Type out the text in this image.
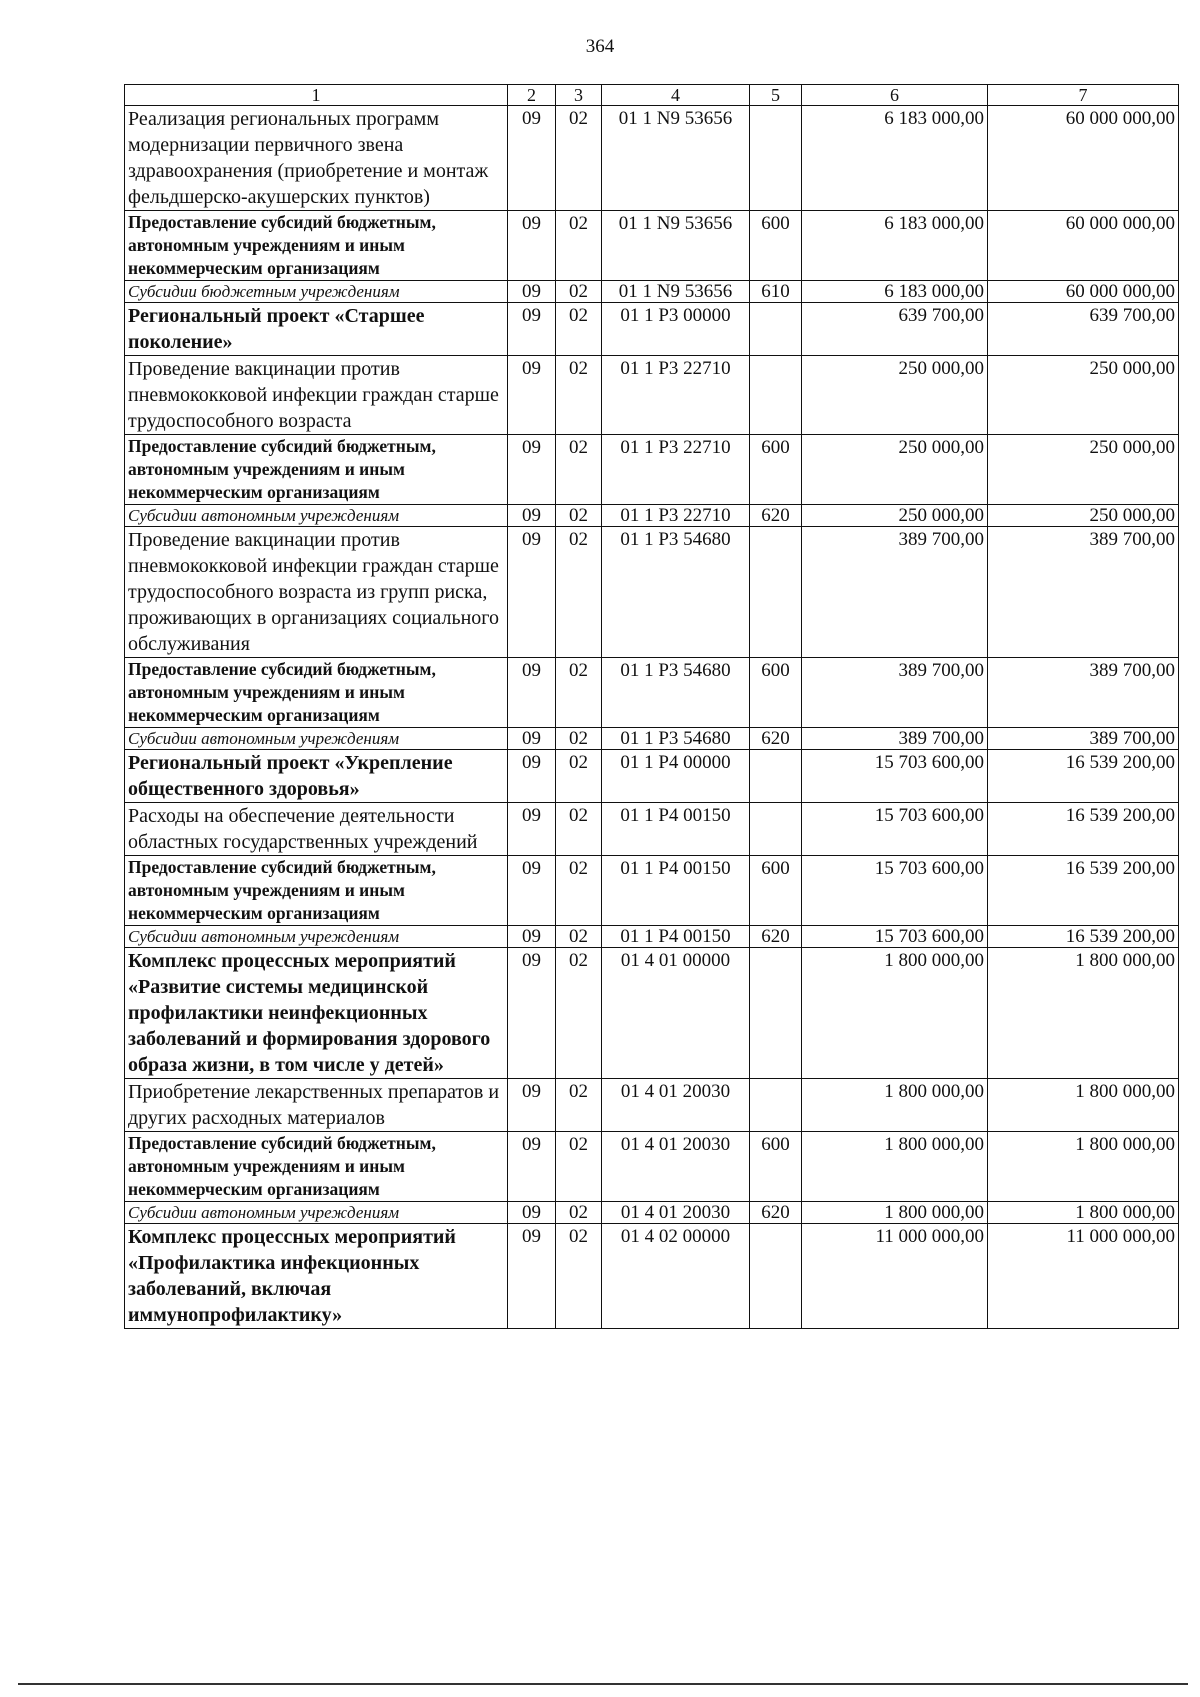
364
1	2	3	4	5	6	7
Реализация региональных программ модернизации первичного звена здравоохранения (приобретение и монтаж фельдшерско-акушерских пунктов)	09	02	01 1 N9 53656		6 183 000,00	60 000 000,00
Предоставление субсидий бюджетным, автономным учреждениям и иным некоммерческим организациям	09	02	01 1 N9 53656	600	6 183 000,00	60 000 000,00
Субсидии бюджетным учреждениям	09	02	01 1 N9 53656	610	6 183 000,00	60 000 000,00
Региональный проект «Старшее поколение»	09	02	01 1 P3 00000		639 700,00	639 700,00
Проведение вакцинации против пневмококковой инфекции граждан старше трудоспособного возраста	09	02	01 1 P3 22710		250 000,00	250 000,00
Предоставление субсидий бюджетным, автономным учреждениям и иным некоммерческим организациям	09	02	01 1 P3 22710	600	250 000,00	250 000,00
Субсидии автономным учреждениям	09	02	01 1 P3 22710	620	250 000,00	250 000,00
Проведение вакцинации против пневмококковой инфекции граждан старше трудоспособного возраста из групп риска, проживающих в организациях социального обслуживания	09	02	01 1 P3 54680		389 700,00	389 700,00
Предоставление субсидий бюджетным, автономным учреждениям и иным некоммерческим организациям	09	02	01 1 P3 54680	600	389 700,00	389 700,00
Субсидии автономным учреждениям	09	02	01 1 P3 54680	620	389 700,00	389 700,00
Региональный проект «Укрепление общественного здоровья»	09	02	01 1 P4 00000		15 703 600,00	16 539 200,00
Расходы на обеспечение деятельности областных государственных учреждений	09	02	01 1 P4 00150		15 703 600,00	16 539 200,00
Предоставление субсидий бюджетным, автономным учреждениям и иным некоммерческим организациям	09	02	01 1 P4 00150	600	15 703 600,00	16 539 200,00
Субсидии автономным учреждениям	09	02	01 1 P4 00150	620	15 703 600,00	16 539 200,00
Комплекс процессных мероприятий «Развитие системы медицинской профилактики неинфекционных заболеваний и формирования здорового образа жизни, в том числе у детей»	09	02	01 4 01 00000		1 800 000,00	1 800 000,00
Приобретение лекарственных препаратов и других расходных материалов	09	02	01 4 01 20030		1 800 000,00	1 800 000,00
Предоставление субсидий бюджетным, автономным учреждениям и иным некоммерческим организациям	09	02	01 4 01 20030	600	1 800 000,00	1 800 000,00
Субсидии автономным учреждениям	09	02	01 4 01 20030	620	1 800 000,00	1 800 000,00
Комплекс процессных мероприятий «Профилактика инфекционных заболеваний, включая иммунопрофилактику»	09	02	01 4 02 00000		11 000 000,00	11 000 000,00
